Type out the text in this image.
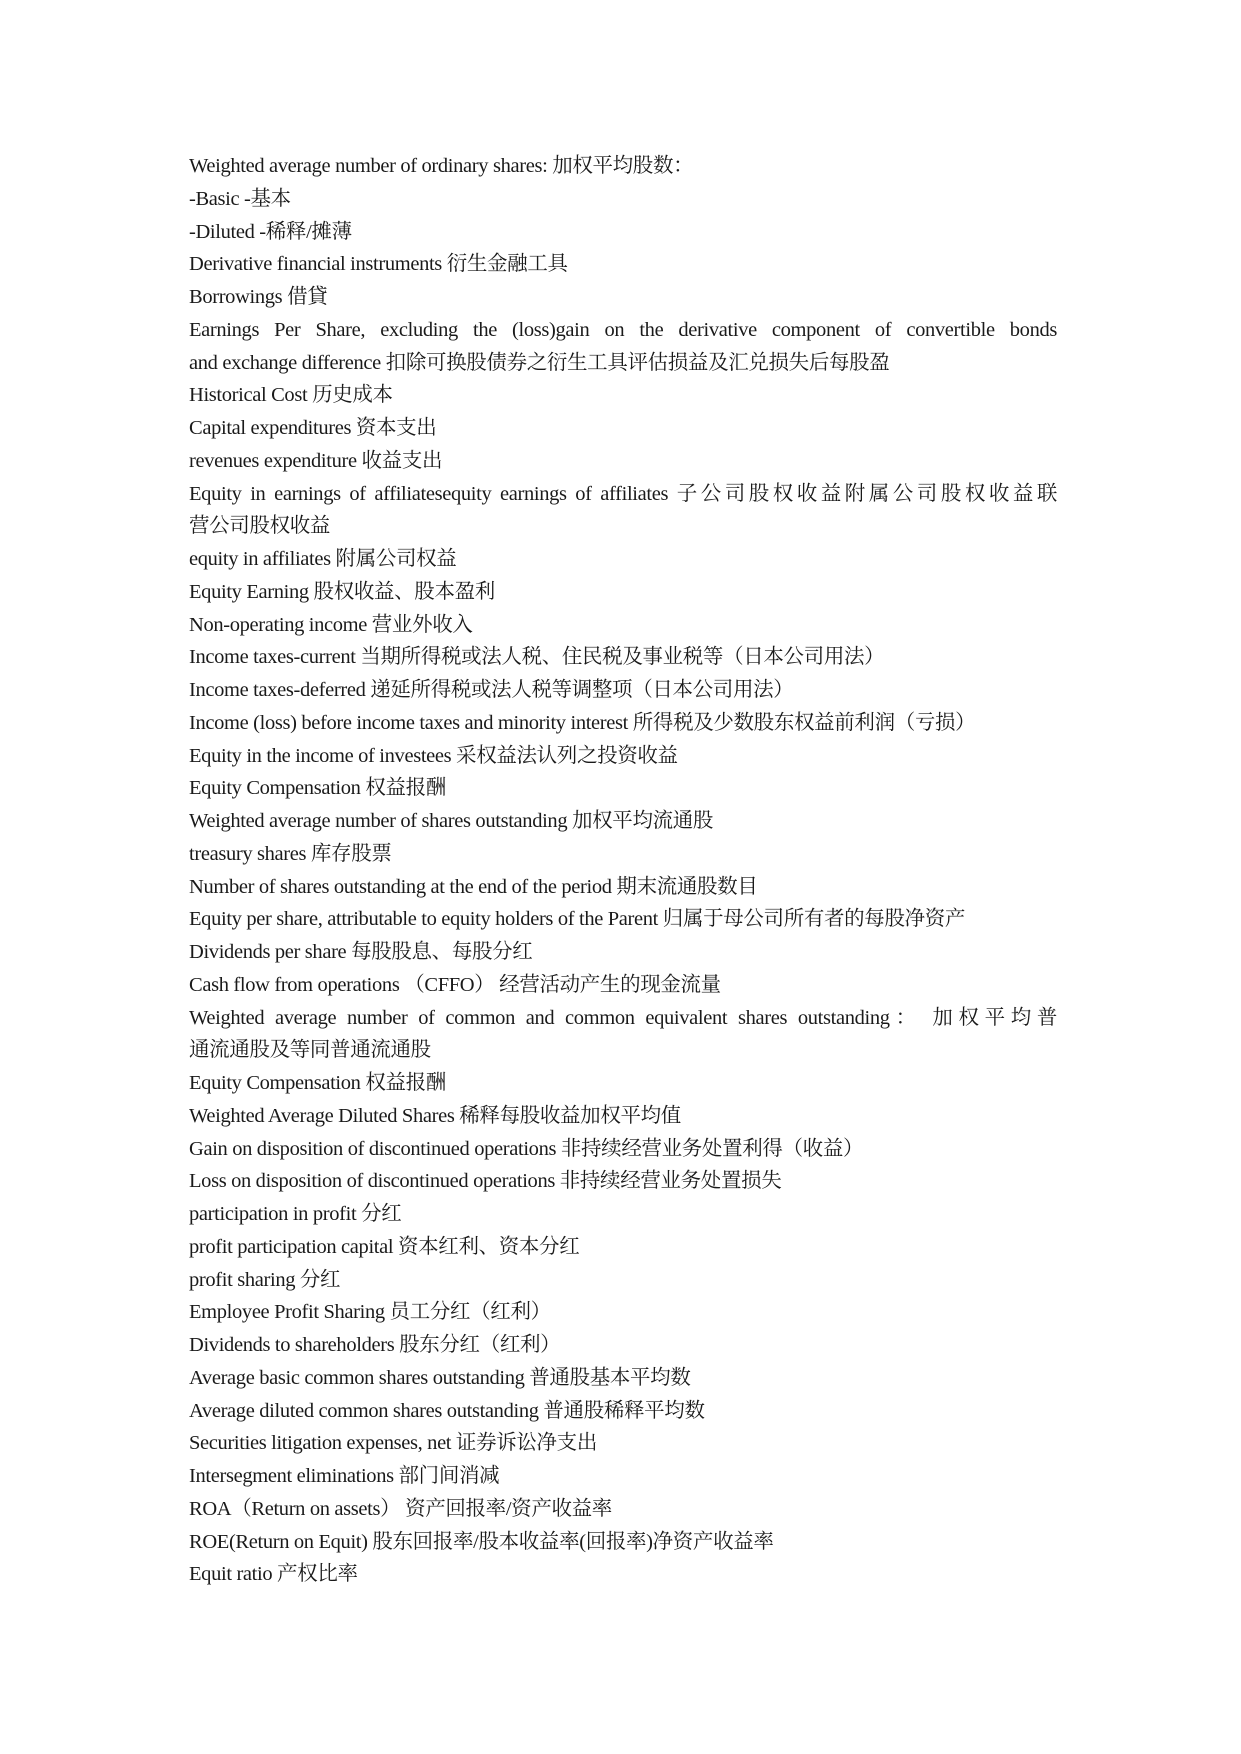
Weighted average number of ordinary shares: 加权平均股数：

-Basic -基本

-Diluted -稀释/摊薄

Derivative financial instruments 衍生金融工具

Borrowings 借貸

Earnings Per Share, excluding the (loss)gain on the derivative component of convertible bonds

and exchange difference 扣除可换股债券之衍生工具评估损益及汇兑损失后每股盈

Historical Cost 历史成本

Capital expenditures 资本支出

revenues expenditure 收益支出

Equity in earnings of affiliatesequity earnings of affiliates 子公司股权收益附属公司股权收益联

营公司股权收益

equity in affiliates 附属公司权益

Equity Earning 股权收益、股本盈利

Non-operating income 营业外收入

Income taxes-current 当期所得税或法人税、住民税及事业税等（日本公司用法）

Income taxes-deferred 递延所得税或法人税等调整项（日本公司用法）

Income (loss) before income taxes and minority interest 所得税及少数股东权益前利润（亏损）

Equity in the income of investees 采权益法认列之投资收益

Equity Compensation 权益报酬

Weighted average number of shares outstanding 加权平均流通股

treasury shares 库存股票

Number of shares outstanding at the end of the period 期末流通股数目

Equity per share, attributable to equity holders of the Parent 归属于母公司所有者的每股净资产

Dividends per share 每股股息、每股分红

Cash flow from operations （CFFO） 经营活动产生的现金流量

Weighted average number of common and common equivalent shares outstanding： 加权平均普

通流通股及等同普通流通股

Equity Compensation 权益报酬

Weighted Average Diluted Shares 稀释每股收益加权平均值

Gain on disposition of discontinued operations 非持续经营业务处置利得（收益）

Loss on disposition of discontinued operations 非持续经营业务处置损失

participation in profit 分红

profit participation capital 资本红利、资本分红

profit sharing 分红

Employee Profit Sharing 员工分红（红利）

Dividends to shareholders 股东分红（红利）

Average basic common shares outstanding 普通股基本平均数

Average diluted common shares outstanding 普通股稀释平均数

Securities litigation expenses, net 证券诉讼净支出

Intersegment eliminations 部门间消减

ROA（Return on assets） 资产回报率/资产收益率

ROE(Return on Equit) 股东回报率/股本收益率(回报率)净资产收益率

Equit ratio 产权比率
